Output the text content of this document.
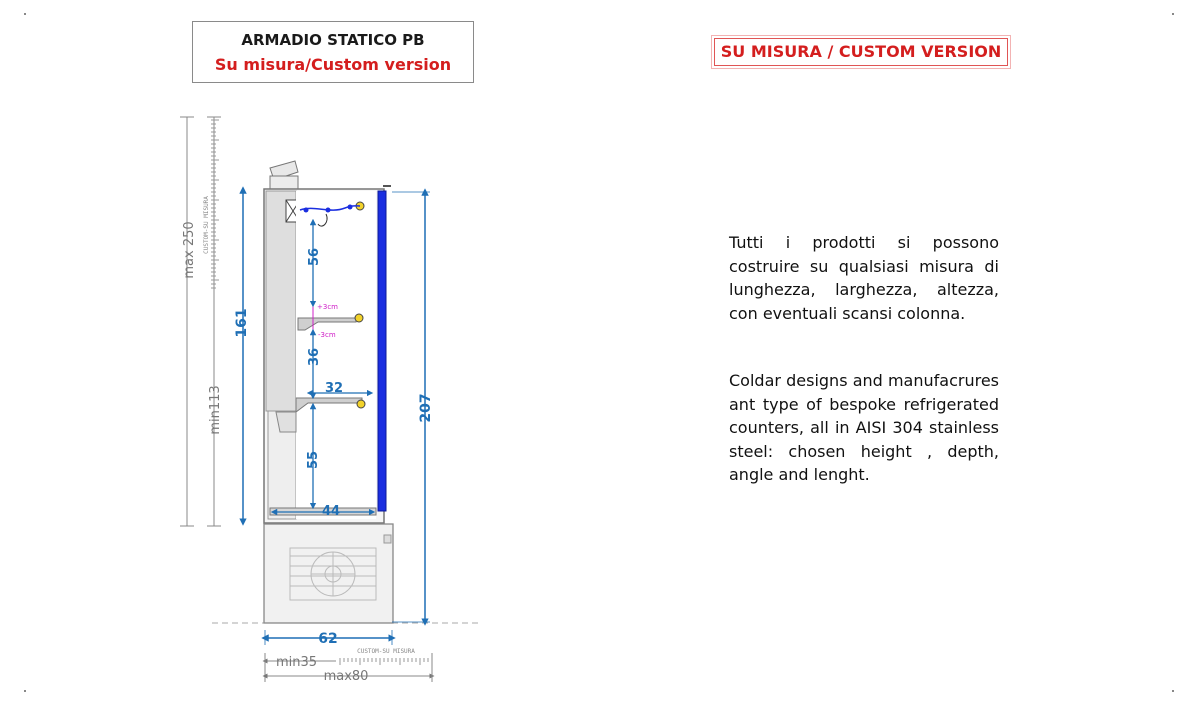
ARMADIO STATICO PB
Su misura/Custom version
SU MISURA / CUSTOM VERSION
Tutti i prodotti si possono costruire su qualsiasi misura di lunghezza, larghezza, altezza, con eventuali scansi colonna.
Coldar designs and manufacrures ant type of bespoke refrigerated counters, all in AISI 304 stainless steel: chosen height , depth, angle and lenght.
max 250
min113
CUSTOM-SU MISURA
161
+3cm
-3cm
56
36
55
32
44
207
62
min35
max80
CUSTOM-SU MISURA
